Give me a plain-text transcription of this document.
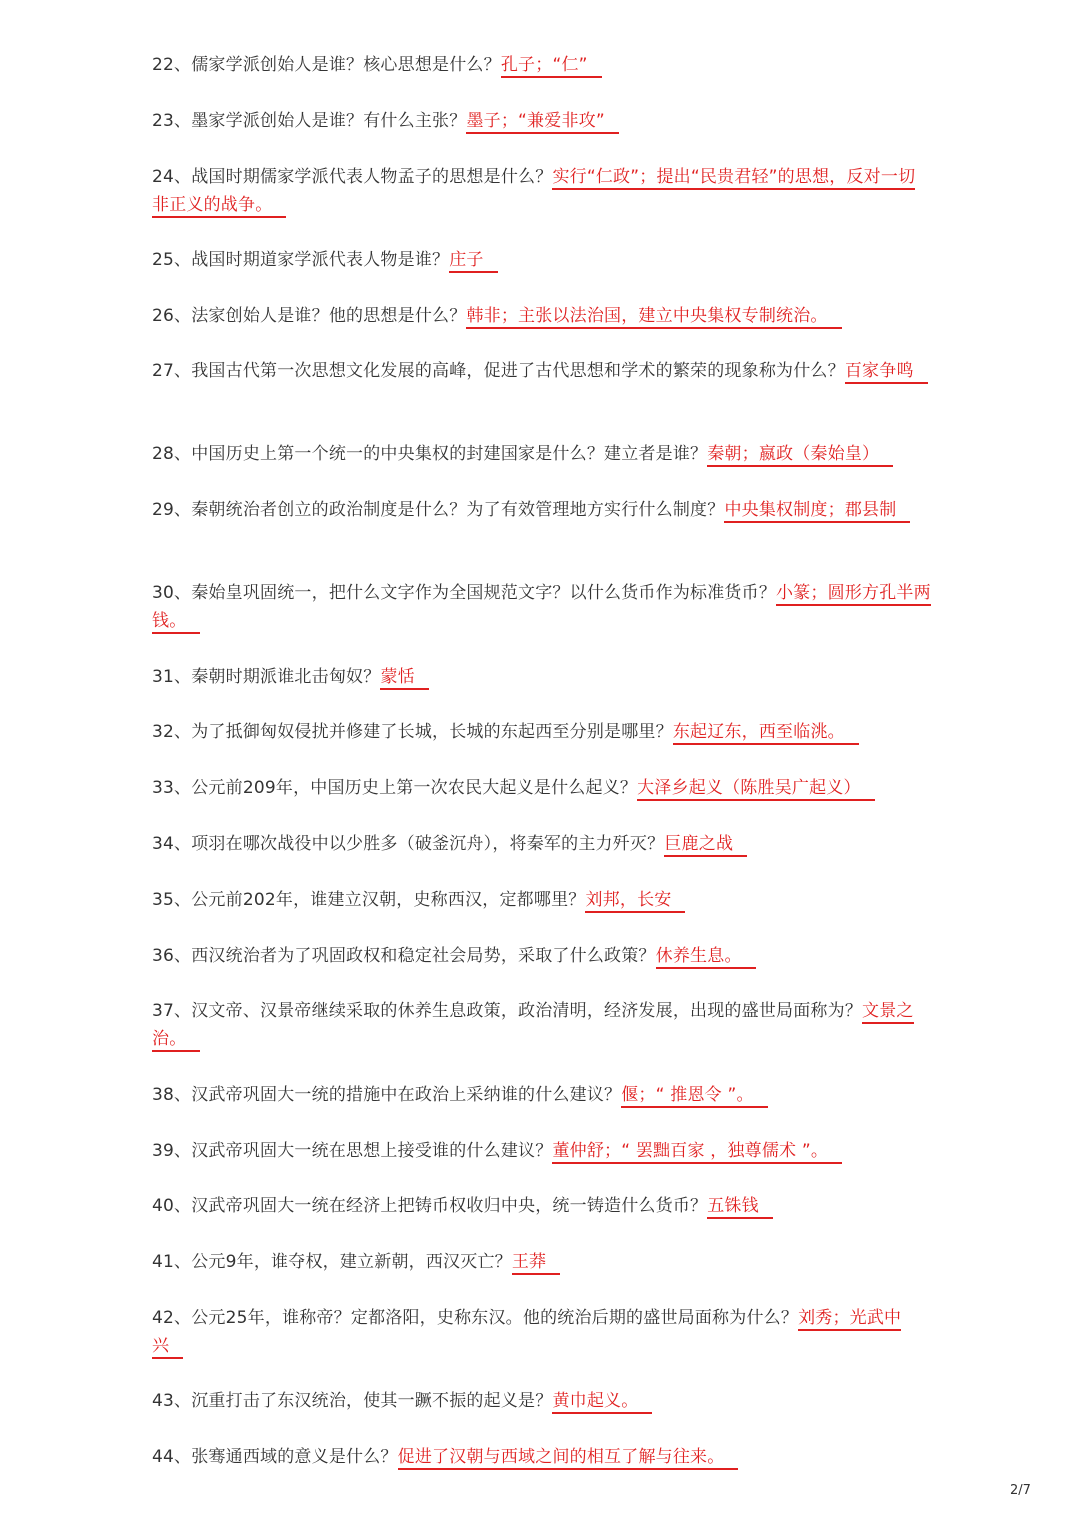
22、儒家学派创始人是谁？核心思想是什么？孔子；“仁”

23、墨家学派创始人是谁？有什么主张？墨子；“兼爱非攻”

24、战国时期儒家学派代表人物孟子的思想是什么？实行“仁政”；提出“民贵君轻”的思想，反对一切非正义的战争。

25、战国时期道家学派代表人物是谁？庄子

26、法家创始人是谁？他的思想是什么？韩非；主张以法治国，建立中央集权专制统治。

27、我国古代第一次思想文化发展的高峰，促进了古代思想和学术的繁荣的现象称为什么？百家争鸣

28、中国历史上第一个统一的中央集权的封建国家是什么？建立者是谁？秦朝；嬴政（秦始皇）

29、秦朝统治者创立的政治制度是什么？为了有效管理地方实行什么制度？中央集权制度；郡县制

30、秦始皇巩固统一，把什么文字作为全国规范文字？以什么货币作为标准货币？小篆；圆形方孔半两钱。

31、秦朝时期派谁北击匈奴？蒙恬

32、为了抵御匈奴侵扰并修建了长城，长城的东起西至分别是哪里？东起辽东，西至临洮。

33、公元前209年，中国历史上第一次农民大起义是什么起义？大泽乡起义（陈胜吴广起义）

34、项羽在哪次战役中以少胜多（破釜沉舟），将秦军的主力歼灭？巨鹿之战

35、公元前202年，谁建立汉朝，史称西汉，定都哪里？刘邦，长安

36、西汉统治者为了巩固政权和稳定社会局势，采取了什么政策？休养生息。

37、汉文帝、汉景帝继续采取的休养生息政策，政治清明，经济发展，出现的盛世局面称为？文景之治。

38、汉武帝巩固大一统的措施中在政治上采纳谁的什么建议？偃；“ 推恩令 ”。

39、汉武帝巩固大一统在思想上接受谁的什么建议？董仲舒；“ 罢黜百家 ，独尊儒术 ”。

40、汉武帝巩固大一统在经济上把铸币权收归中央，统一铸造什么货币？五铢钱

41、公元9年，谁夺权，建立新朝，西汉灭亡？王莽

42、公元25年，谁称帝？定都洛阳，史称东汉。他的统治后期的盛世局面称为什么？刘秀；光武中兴

43、沉重打击了东汉统治，使其一蹶不振的起义是？黄巾起义。

44、张骞通西域的意义是什么？促进了汉朝与西域之间的相互了解与往来。

2/7
